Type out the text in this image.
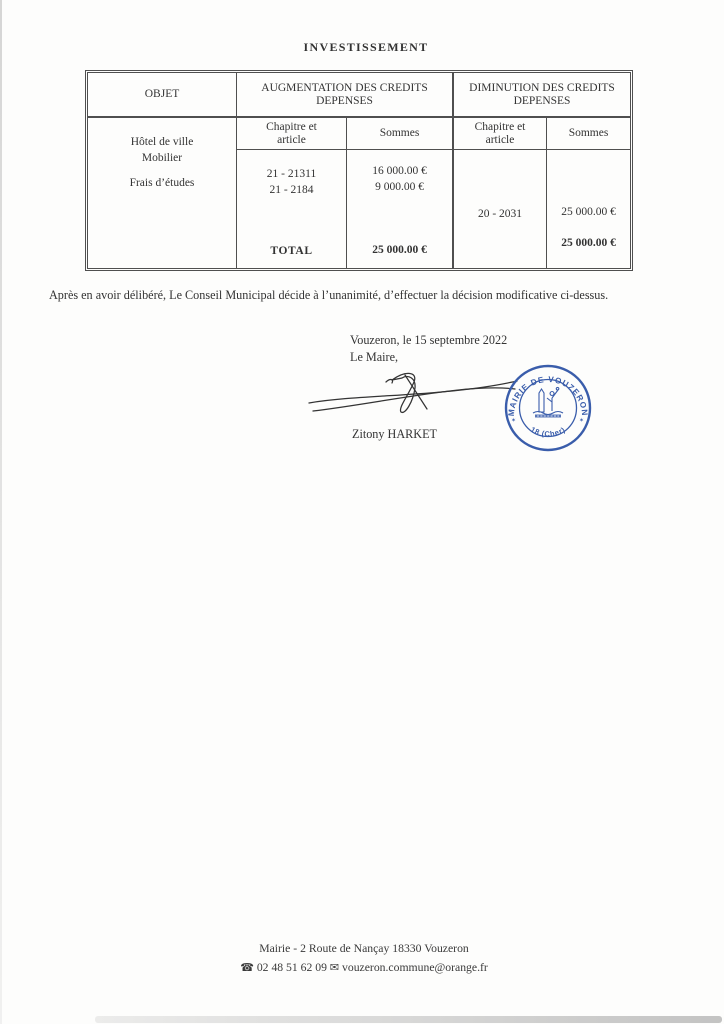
INVESTISSEMENT
OBJET
AUGMENTATION DES CREDITS DEPENSES
DIMINUTION DES CREDITS DEPENSES
Hôtel de ville
Mobilier
Frais d’études
Chapitre et article
Sommes
Chapitre et article
Sommes
21 - 21311
21 - 2184
TOTAL
16 000.00 €
9 000.00 €
25 000.00 €
20 - 2031	25 000.00 €
25 000.00 €
Après en avoir délibéré, Le Conseil Municipal décide à l’unanimité, d’effectuer la décision modificative ci-dessus.
Vouzeron, le 15 septembre 2022
Le Maire,
Zitony HARKET
MAIRIE DE VOUZERON
18 (Cher)
✶	✶
Mairie - 2 Route de Nançay 18330 Vouzeron
☎ 02 48 51 62 09 ✉ vouzeron.commune@orange.fr
